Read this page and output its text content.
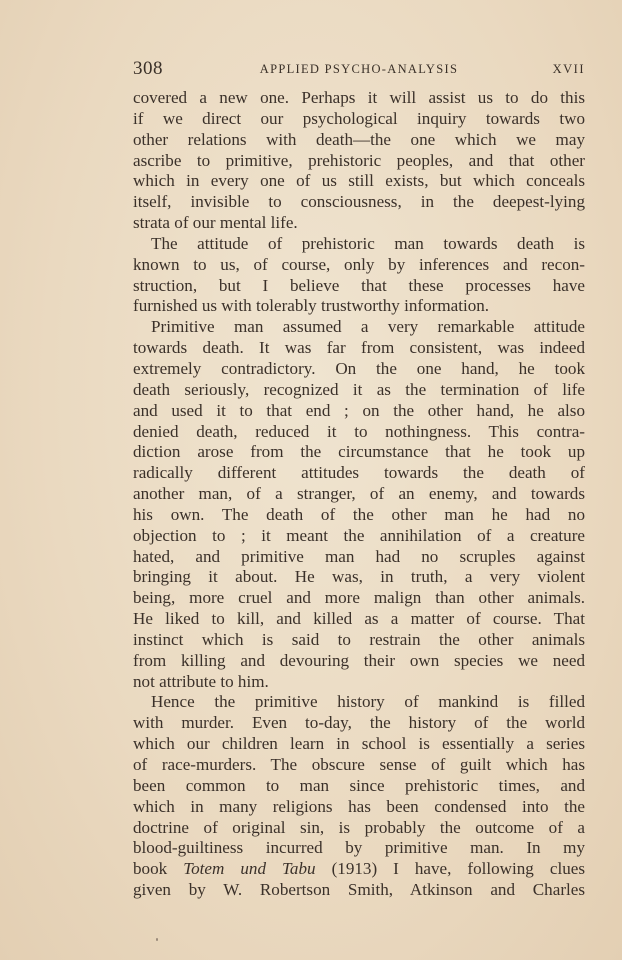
308	APPLIED PSYCHO-ANALYSIS	XVII
covered a new one. Perhaps it will assist us to do this
if we direct our psychological inquiry towards two
other relations with death—the one which we may
ascribe to primitive, prehistoric peoples, and that other
which in every one of us still exists, but which conceals
itself, invisible to consciousness, in the deepest-lying
strata of our mental life.
The attitude of prehistoric man towards death is
known to us, of course, only by inferences and recon-
struction, but I believe that these processes have
furnished us with tolerably trustworthy information.
Primitive man assumed a very remarkable attitude
towards death. It was far from consistent, was indeed
extremely contradictory. On the one hand, he took
death seriously, recognized it as the termination of life
and used it to that end ; on the other hand, he also
denied death, reduced it to nothingness. This contra-
diction arose from the circumstance that he took up
radically different attitudes towards the death of
another man, of a stranger, of an enemy, and towards
his own. The death of the other man he had no
objection to ; it meant the annihilation of a creature
hated, and primitive man had no scruples against
bringing it about. He was, in truth, a very violent
being, more cruel and more malign than other animals.
He liked to kill, and killed as a matter of course. That
instinct which is said to restrain the other animals
from killing and devouring their own species we need
not attribute to him.
Hence the primitive history of mankind is filled
with murder. Even to-day, the history of the world
which our children learn in school is essentially a series
of race-murders. The obscure sense of guilt which has
been common to man since prehistoric times, and
which in many religions has been condensed into the
doctrine of original sin, is probably the outcome of a
blood-guiltiness incurred by primitive man. In my
book Totem und Tabu (1913) I have, following clues
given by W. Robertson Smith, Atkinson and Charles
